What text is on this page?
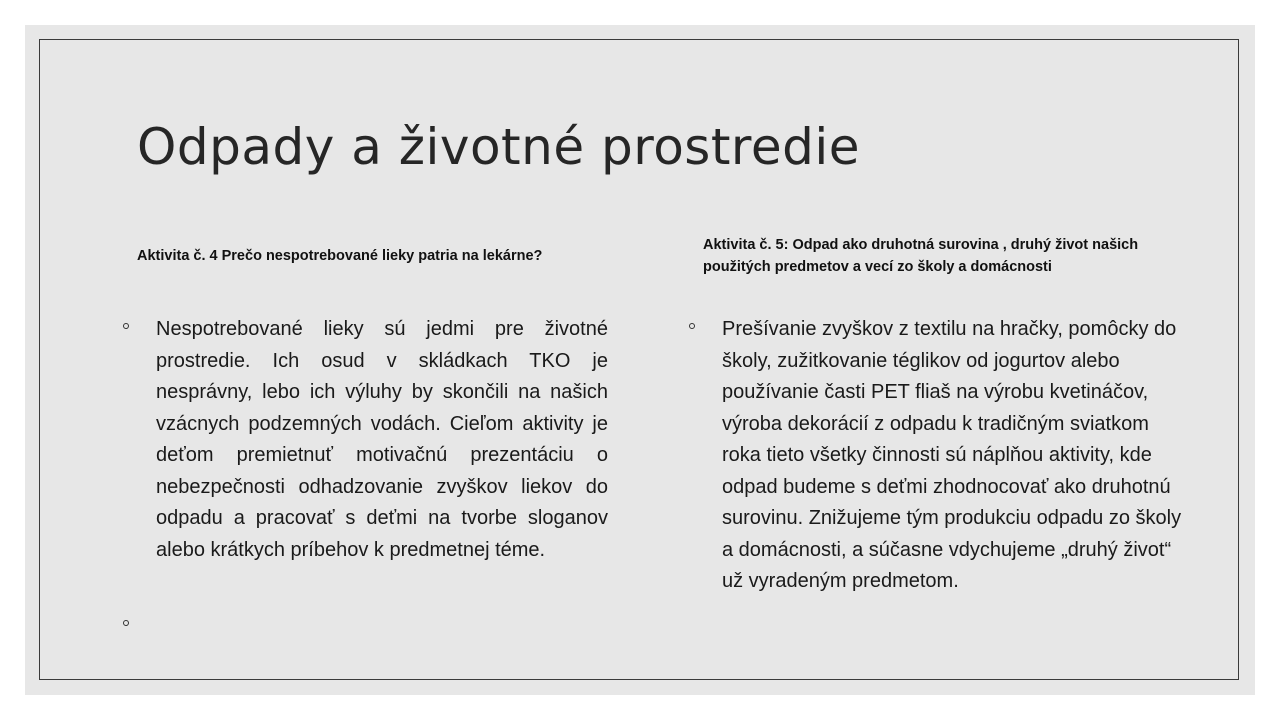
Odpady a životné prostredie

Aktivita č. 4 Prečo nespotrebované lieky patria na lekárne?

Aktivita č. 5: Odpad ako druhotná surovina , druhý život našich použitých predmetov a vecí zo školy a domácnosti

Nespotrebované lieky sú jedmi pre životné prostredie. Ich osud v skládkach TKO je nesprávny, lebo ich výluhy by skončili na našich vzácnych podzemných vodách. Cieľom aktivity je deťom premietnuť motivačnú prezentáciu o nebezpečnosti odhadzovanie zvyškov liekov do odpadu a pracovať s deťmi na tvorbe sloganov alebo krátkych príbehov k predmetnej téme.
Prešívanie zvyškov z textilu na hračky, pomôcky do školy, zužitkovanie téglikov od jogurtov alebo používanie časti PET fliaš na výrobu kvetináčov, výroba dekorácií z odpadu k tradičným sviatkom roka tieto všetky činnosti sú náplňou aktivity, kde odpad budeme s deťmi zhodnocovať ako druhotnú surovinu. Znižujeme tým produkciu odpadu zo školy a domácnosti, a súčasne vdychujeme „druhý život“ už vyradeným predmetom.
